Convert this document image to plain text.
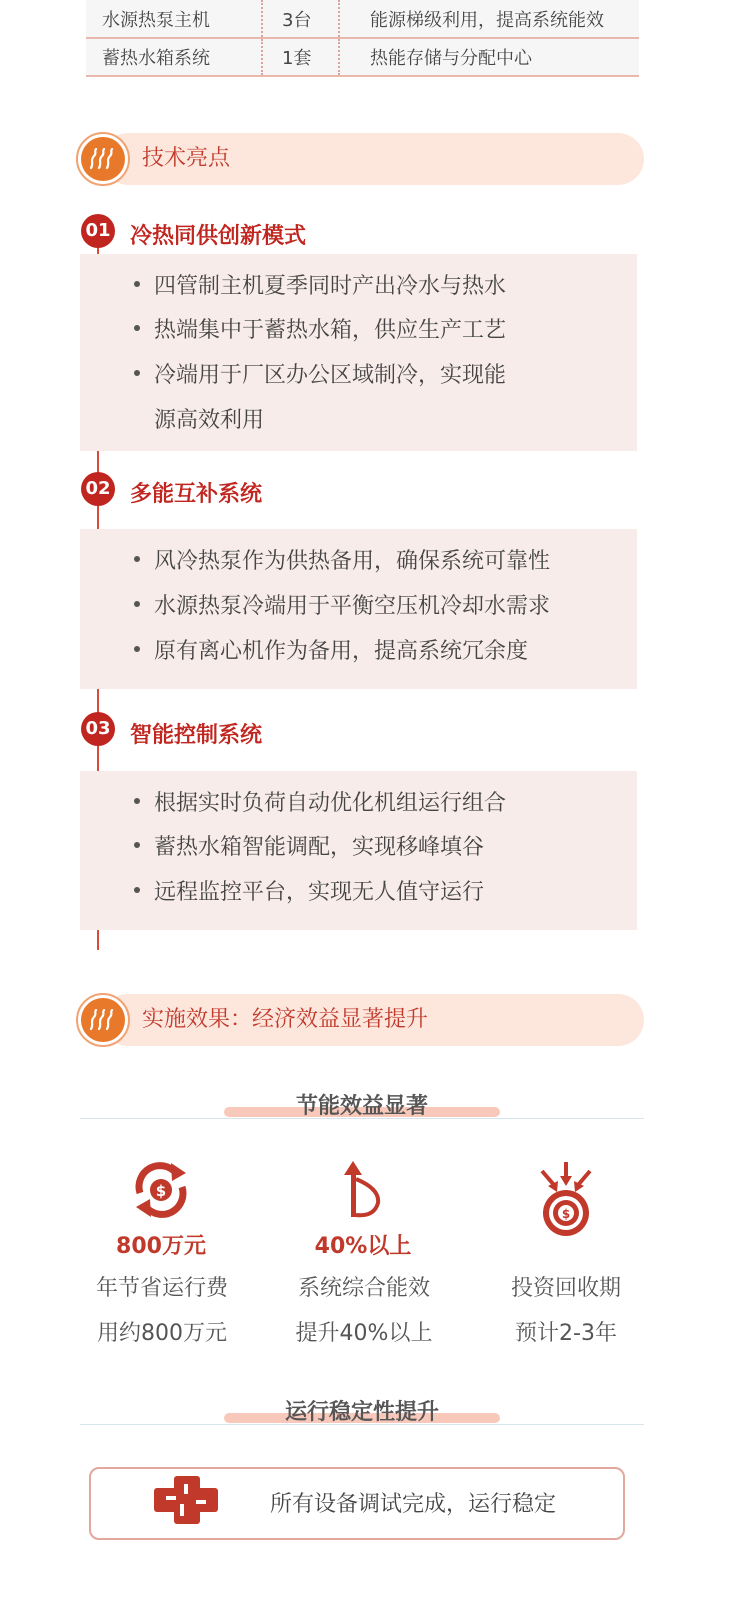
水源热泵主机	3台	能源梯级利用，提高系统能效
蓄热水箱系统	1套	热能存储与分配中心
技术亮点
01 冷热同供创新模式
四管制主机夏季同时产出冷水与热水
热端集中于蓄热水箱，供应生产工艺
冷端用于厂区办公区域制冷，实现能
源高效利用
02 多能互补系统
风冷热泵作为供热备用，确保系统可靠性
水源热泵冷端用于平衡空压机冷却水需求
原有离心机作为备用，提高系统冗余度
03 智能控制系统
根据实时负荷自动优化机组运行组合
蓄热水箱智能调配，实现移峰填谷
远程监控平台，实现无人值守运行
实施效果：经济效益显著提升
节能效益显著
$
$
800万元	40%以上
年节省运行费
用约800万元
系统综合能效
提升40%以上
投资回收期
预计2-3年
运行稳定性提升
所有设备调试完成，运行稳定
